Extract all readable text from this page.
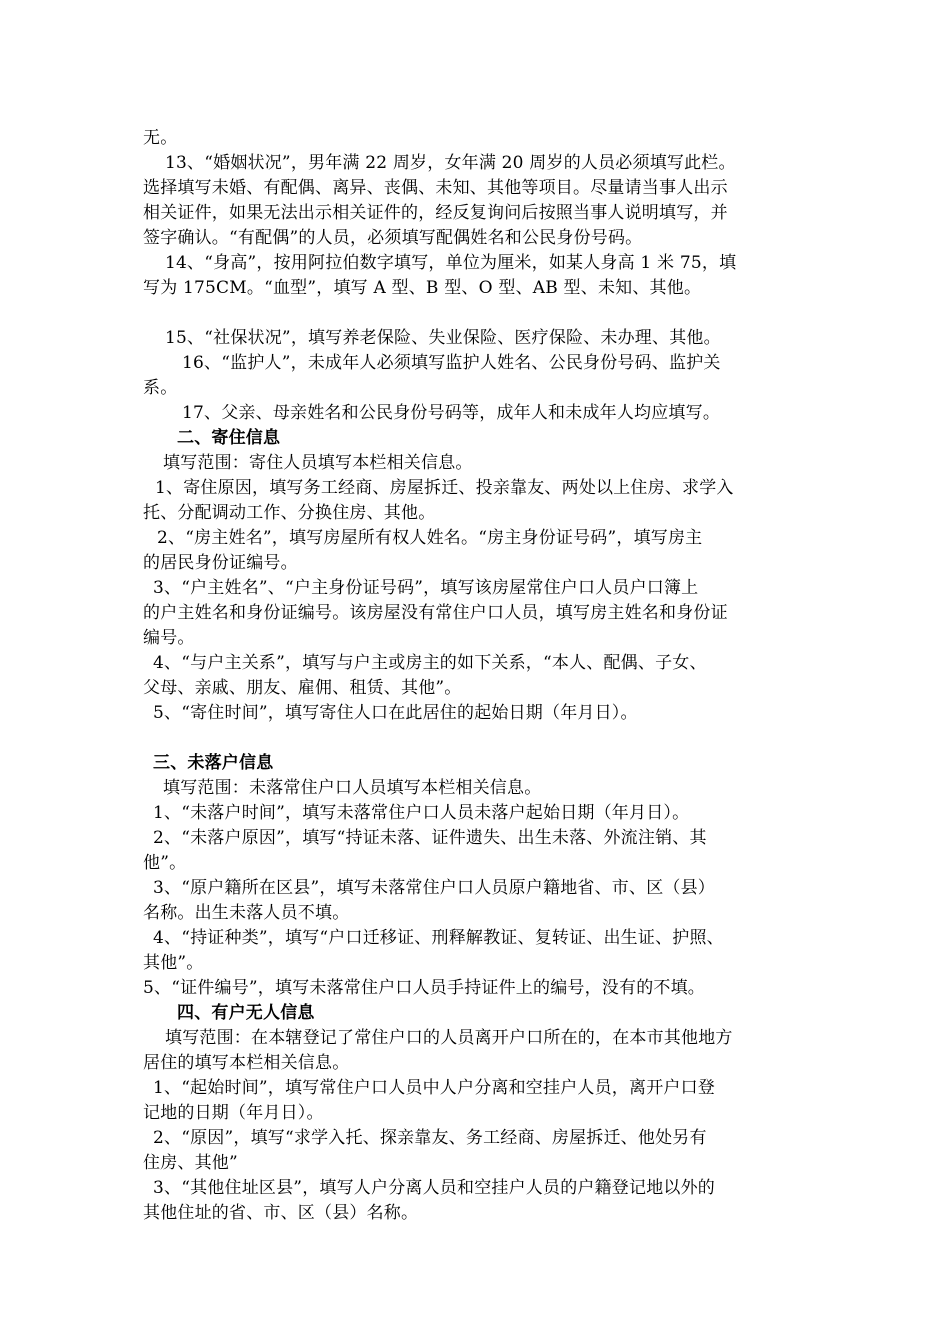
无。
13、“婚姻状况”，男年满 22 周岁，女年满 20 周岁的人员必须填写此栏。
选择填写未婚、有配偶、离异、丧偶、未知、其他等项目。尽量请当事人出示
相关证件，如果无法出示相关证件的，经反复询问后按照当事人说明填写，并
签字确认。“有配偶”的人员，必须填写配偶姓名和公民身份号码。
14、“身高”，按用阿拉伯数字填写，单位为厘米，如某人身高 1 米 75，填
写为 175CM。“血型”，填写 A 型、B 型、O 型、AB 型、未知、其他。
15、“社保状况”，填写养老保险、失业保险、医疗保险、未办理、其他。
16、“监护人”，未成年人必须填写监护人姓名、公民身份号码、监护关
系。
17、父亲、母亲姓名和公民身份号码等，成年人和未成年人均应填写。
二、寄住信息
填写范围：寄住人员填写本栏相关信息。
1、寄住原因，填写务工经商、房屋拆迁、投亲靠友、两处以上住房、求学入
托、分配调动工作、分换住房、其他。
2、“房主姓名”，填写房屋所有权人姓名。“房主身份证号码”，填写房主
的居民身份证编号。
3、“户主姓名”、“户主身份证号码”，填写该房屋常住户口人员户口簿上
的户主姓名和身份证编号。该房屋没有常住户口人员，填写房主姓名和身份证
编号。
4、“与户主关系”，填写与户主或房主的如下关系，“本人、配偶、子女、
父母、亲戚、朋友、雇佣、租赁、其他”。
5、“寄住时间”，填写寄住人口在此居住的起始日期（年月日）。
三、未落户信息
填写范围：未落常住户口人员填写本栏相关信息。
1、“未落户时间”，填写未落常住户口人员未落户起始日期（年月日）。
2、“未落户原因”，填写“持证未落、证件遗失、出生未落、外流注销、其
他”。
3、“原户籍所在区县”，填写未落常住户口人员原户籍地省、市、区（县）
名称。出生未落人员不填。
4、“持证种类”，填写“户口迁移证、刑释解教证、复转证、出生证、护照、
其他”。
5、“证件编号”，填写未落常住户口人员手持证件上的编号，没有的不填。
四、有户无人信息
填写范围：在本辖登记了常住户口的人员离开户口所在的，在本市其他地方
居住的填写本栏相关信息。
1、“起始时间”，填写常住户口人员中人户分离和空挂户人员，离开户口登
记地的日期（年月日）。
2、“原因”，填写“求学入托、探亲靠友、务工经商、房屋拆迁、他处另有
住房、其他”
3、“其他住址区县”，填写人户分离人员和空挂户人员的户籍登记地以外的
其他住址的省、市、区（县）名称。
